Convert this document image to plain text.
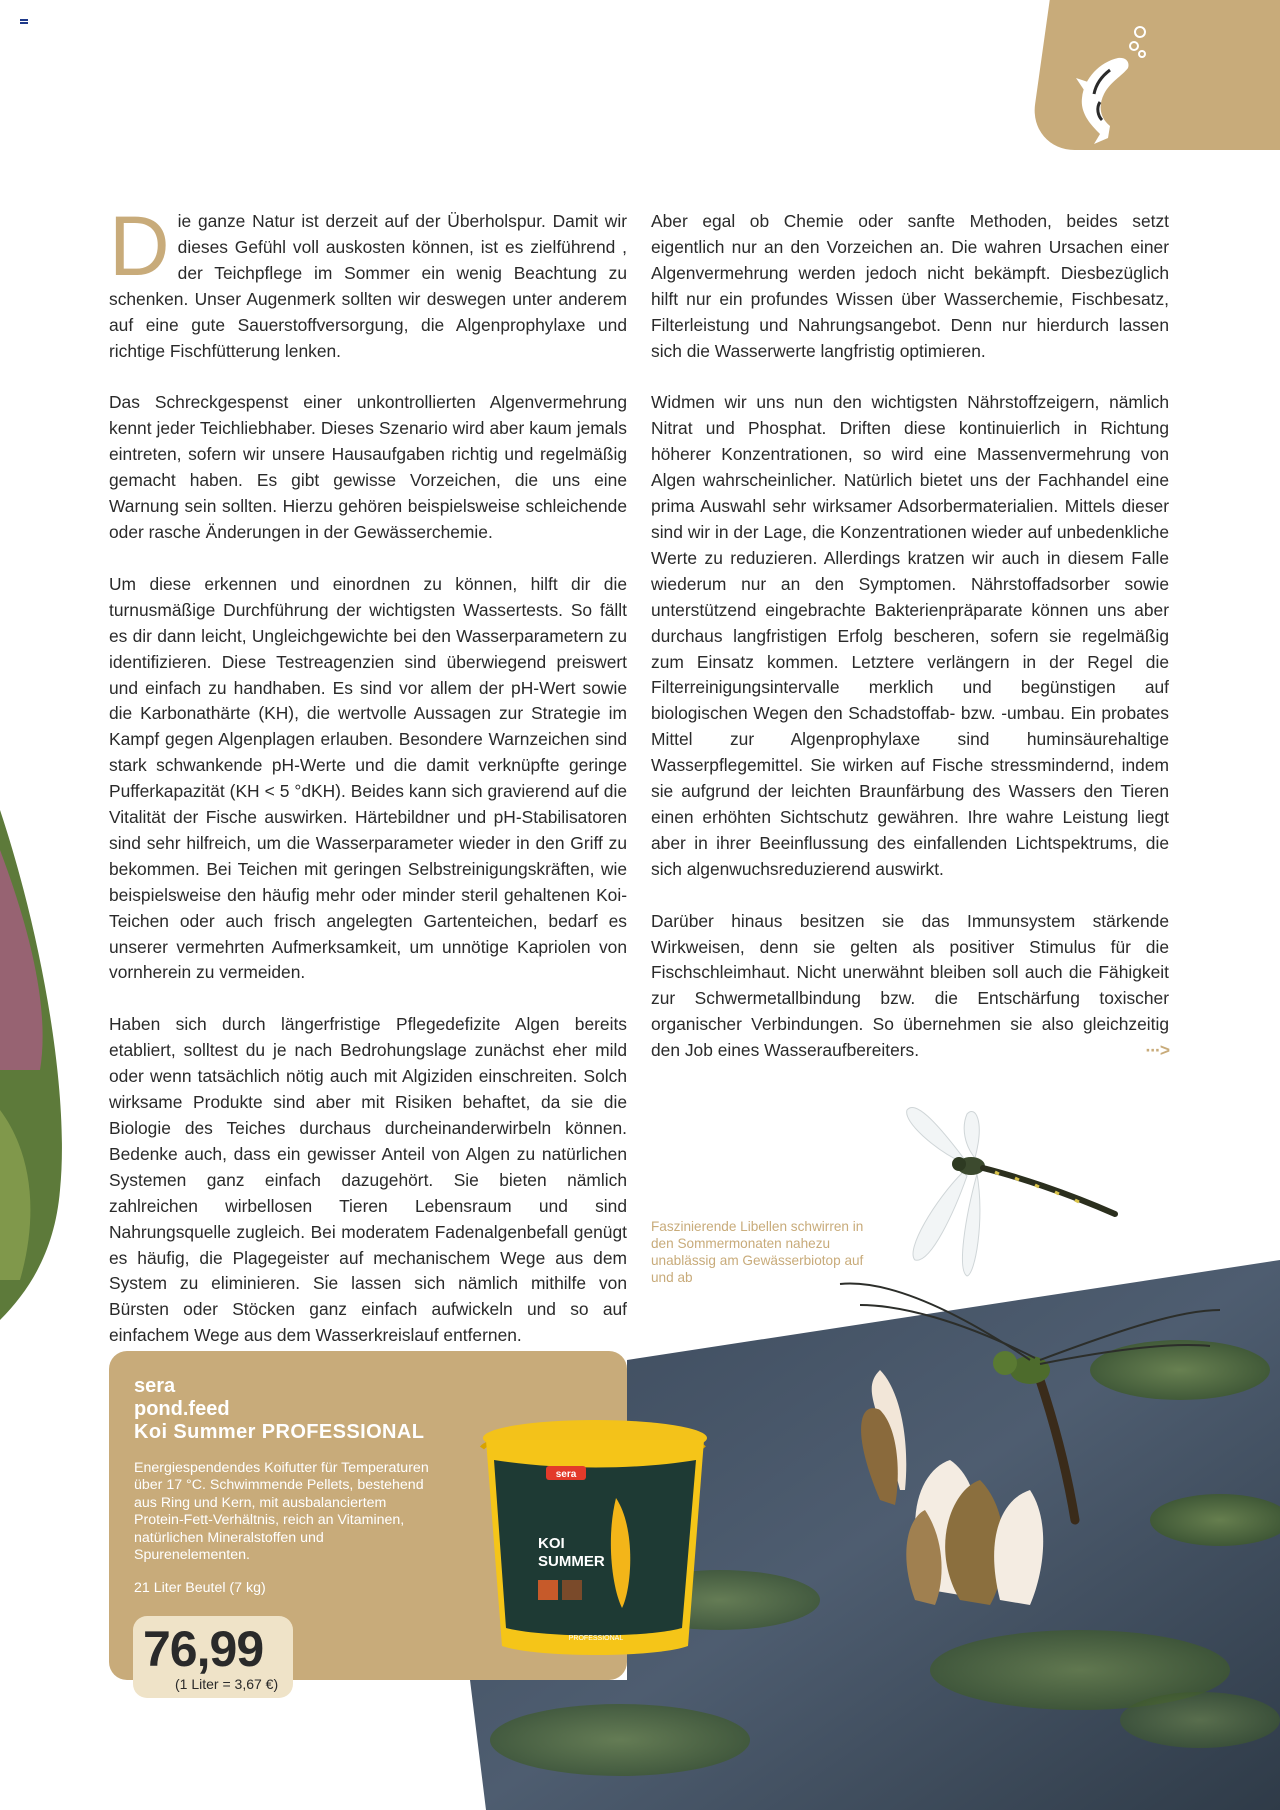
Die ganze Natur ist derzeit auf der Überholspur. Damit wir dieses Gefühl voll auskosten können, ist es zielführend , der Teichpflege im Sommer ein wenig Beachtung zu schenken. Unser Augenmerk sollten wir deswegen unter anderem auf eine gute Sauerstoffversorgung, die Algenprophylaxe und richtige Fischfütterung lenken.

Das Schreckgespenst einer unkontrollierten Algenvermehrung kennt jeder Teichliebhaber. Dieses Szenario wird aber kaum jemals eintreten, sofern wir unsere Hausaufgaben richtig und regelmäßig gemacht haben. Es gibt gewisse Vorzeichen, die uns eine Warnung sein sollten. Hierzu gehören beispielsweise schleichende oder rasche Änderungen in der Gewässerchemie.

Um diese erkennen und einordnen zu können, hilft dir die turnusmäßige Durchführung der wichtigsten Wassertests. So fällt es dir dann leicht, Ungleichgewichte bei den Wasserparametern zu identifizieren. Diese Testreagenzien sind überwiegend preiswert und einfach zu handhaben. Es sind vor allem der pH-Wert sowie die Karbonathärte (KH), die wertvolle Aussagen zur Strategie im Kampf gegen Algenplagen erlauben. Besondere Warnzeichen sind stark schwankende pH-Werte und die damit verknüpfte geringe Pufferkapazität (KH < 5 °dKH). Beides kann sich gravierend auf die Vitalität der Fische auswirken. Härtebildner und pH-Stabilisatoren sind sehr hilfreich, um die Wasserparameter wieder in den Griff zu bekommen. Bei Teichen mit geringen Selbstreinigungskräften, wie beispielsweise den häufig mehr oder minder steril gehaltenen Koi-Teichen oder auch frisch angelegten Gartenteichen, bedarf es unserer vermehrten Aufmerksamkeit, um unnötige Kapriolen von vornherein zu vermeiden.

Haben sich durch längerfristige Pflegedefizite Algen bereits etabliert, solltest du je nach Bedrohungslage zunächst eher mild oder wenn tatsächlich nötig auch mit Algiziden einschreiten. Solch wirksame Produkte sind aber mit Risiken behaftet, da sie die Biologie des Teiches durchaus durcheinanderwirbeln können. Bedenke auch, dass ein gewisser Anteil von Algen zu natürlichen Systemen ganz einfach dazugehört. Sie bieten nämlich zahlreichen wirbellosen Tieren Lebensraum und sind Nahrungsquelle zugleich. Bei moderatem Fadenalgenbefall genügt es häufig, die Plagegeister auf mechanischem Wege aus dem System zu eliminieren. Sie lassen sich nämlich mithilfe von Bürsten oder Stöcken ganz einfach aufwickeln und so auf einfachem Wege aus dem Wasserkreislauf entfernen.

Aber egal ob Chemie oder sanfte Methoden, beides setzt eigentlich nur an den Vorzeichen an. Die wahren Ursachen einer Algenvermehrung werden jedoch nicht bekämpft. Diesbezüglich hilft nur ein profundes Wissen über Wasserchemie, Fischbesatz, Filterleistung und Nahrungsangebot. Denn nur hierdurch lassen sich die Wasserwerte langfristig optimieren.

Widmen wir uns nun den wichtigsten Nährstoffzeigern, nämlich Nitrat und Phosphat. Driften diese kontinuierlich in Richtung höherer Konzentrationen, so wird eine Massenvermehrung von Algen wahrscheinlicher. Natürlich bietet uns der Fachhandel eine prima Auswahl sehr wirksamer Adsorbermaterialien. Mittels dieser sind wir in der Lage, die Konzentrationen wieder auf unbedenkliche Werte zu reduzieren. Allerdings kratzen wir auch in diesem Falle wiederum nur an den Symptomen. Nährstoffadsorber sowie unterstützend eingebrachte Bakterienpräparate können uns aber durchaus langfristigen Erfolg bescheren, sofern sie regelmäßig zum Einsatz kommen. Letztere verlängern in der Regel die Filterreinigungsintervalle merklich und begünstigen auf biologischen Wegen den Schadstoffab- bzw. -umbau. Ein probates Mittel zur Algenprophylaxe sind huminsäurehaltige Wasserpflegemittel. Sie wirken auf Fische stressmindernd, indem sie aufgrund der leichten Braunfärbung des Wassers den Tieren einen erhöhten Sichtschutz gewähren. Ihre wahre Leistung liegt aber in ihrer Beeinflussung des einfallenden Lichtspektrums, die sich algenwuchsreduzierend auswirkt.

Darüber hinaus besitzen sie das Immunsystem stärkende Wirkweisen, denn sie gelten als positiver Stimulus für die Fischschleimhaut. Nicht unerwähnt bleiben soll auch die Fähigkeit zur Schwermetallbindung bzw. die Entschärfung toxischer organischer Verbindungen. So übernehmen sie also gleichzeitig den Job eines Wasseraufbereiters.	···>

Faszinierende Libellen schwirren in den Sommermonaten nahezu unablässig am Gewässerbiotop auf und ab
sera
pond.feed
Koi Summer PROFESSIONAL
Energiespendendes Koifutter für Temperaturen über 17 °C. Schwimmende Pellets, bestehend aus Ring und Kern, mit ausbalanciertem Protein-Fett-Verhältnis, reich an Vitaminen, natürlichen Mineralstoffen und Spurenelementen.
21 Liter Beutel (7 kg)
76,99
(1 Liter = 3,67 €)
sera
KOI
SUMMER
PROFESSIONAL
